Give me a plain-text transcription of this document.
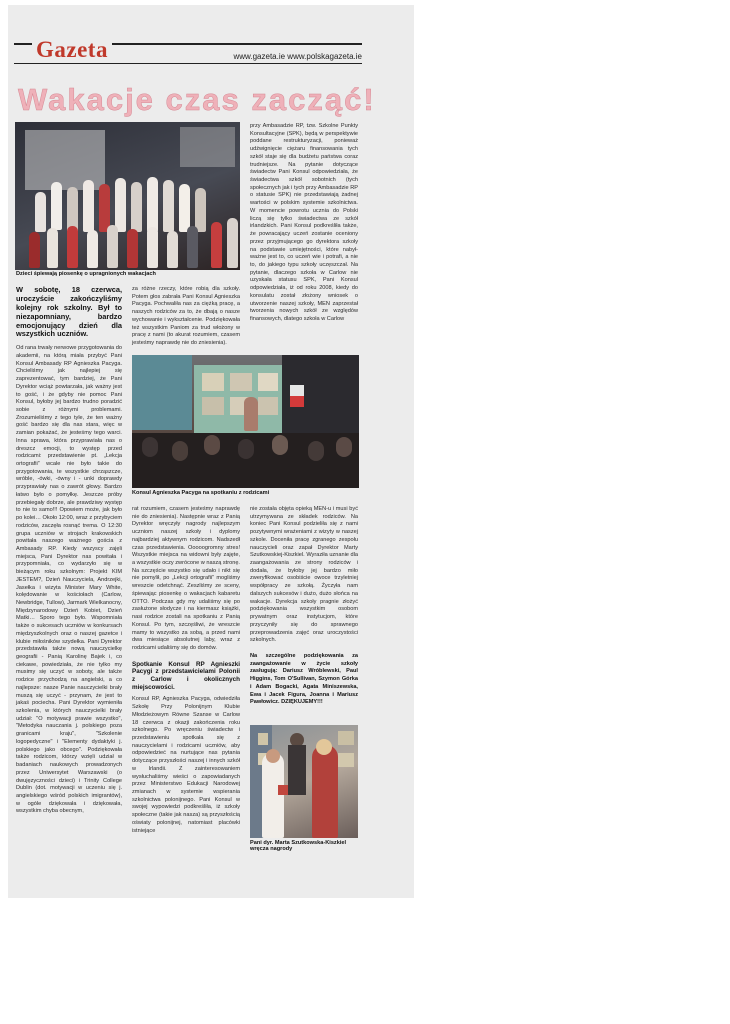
Gazeta	www.gazeta.ie www.polskagazeta.ie
Wakacje czas zacząć!
Dzieci śpiewają piosenkę o upragnionych wakacjach

W sobotę, 18 czerwca, uroczyście zakończyliśmy kolejny rok szkolny. Był to niezapomniany, bardzo emocjonujący dzień dla wszystkich uczniów.

Od rana trwały nerwowe przygotowania do akademii, na którą miała przybyć Pani Konsul Ambasady RP Agnieszka Pacyga. Chcieliśmy jak najlepiej się zaprezentować, tym bardziej, że Pani Dyrektor wciąż powtarzała, jak ważny jest to gość, i że gdyby nie pomoc Pani Konsul, byłoby jej bardzo trudno poradzić sobie z różnymi problemami. Zrozumieliśmy z tego tyle, że ten ważny gość bardzo się dla nas stara, więc w zamian pokażać, że jesteśmy tego warci. Inna sprawa, która przyprawiała nas o dreszcz emocji, to występ przed rodzicami: przedstawienie pt. „Lekcja ortografii” wcale nie było takie do przygotowania, te wszystkie chrząszcze, wróble, -ówki, -ówny i - unki doprawdy przyprawiały nas o zawrót głowy. Bardzo łatwo było o pomyłkę. Jeszcze próby przebiegały dobrze, ale prawdziwy występ to nie to samo!!! Opowiem może, jak było po kolei… Około 12:00, wraz z przybyciem rodziców, zaczęła rosnąć trema. O 12:30 grupa uczniów w strojach krakowskich powitała naszego ważnego gościa z Ambasady RP. Kiedy wszyscy zajęli miejsca, Pani Dyrektor nas powitała i przypomniała, co wydarzyło się w bieżącym roku szkolnym: Projekt KIM JESTEM?, Dzień Nauczyciela, Andrzejki, Jasełka i wizyta Minister Mary White, kolędowanie w kościołach (Carlow, Newbridge, Tullow), Jarmark Wielkanocny, Międzynarodowy Dzień Kobiet, Dzień Matki… Sporo tego było. Wspomniała także o sukcesach uczniów w konkursach międzyszkolnych oraz o naszej gazetce i klubie miłośników szydełka. Pani Dyrektor przedstawiła także nową nauczycielkę geografii - Panią Karolinę Bajek i, co ciekawe, powiedziała, że nie tylko my musimy się uczyć w soboty, ale także rodzice przychodzą na angielski, a co najlepsze: nasze Panie nauczycielki brały muszą się uczyć - przynam, że jest to jakaś pociecha. Pani Dyrektor wymieniła szkolenia, w których nauczycielki brały udział: "O motywacji prawie wszystko", "Metodyka nauczania j. polskiego poza granicami kraju", "Szkolenie logopedyczne" i "Elementy dydaktyki j. polskiego jako obcego". Podziękowała także rodzicom, którzy wzięli udział w badaniach naukowych prowadzonych przez Uniwersytet Warszawski (o dwujęzyczności dzieci) i Trinity College Dublin (dot. motywacji w uczeniu się j. angielskiego wśród polskich imigrantów), w ogóle dziękowała i dziękowała, wszystkim chyba obecnym,

za różne rzeczy, które robią dla szkoły. Potem głos zabrała Pani Konsul Agnieszka Pacyga. Pochwaliła nas za ciężką pracę, a naszych rodziców za to, że dbają o nasze wychowanie i wykształcenie. Podziękowała też wszystkim Paniom za trud włożony w pracę z nami (to akurat rozumiem, czasem jesteśmy naprawdę nie do zniesienia).
Konsul Agnieszka Pacyga na spotkaniu z rodzicami

rat rozumiem, czasem jesteśmy naprawdę nie do zniesienia). Następnie wraz z Panią Dyrektor wręczyły nagrody najlepszym uczniom naszej szkoły i dyplomy najbardziej aktywnym rodzicom. Nadszedł czas przedstawienia. Ooooogromny stres! Wszystkie miejsca na widowni były zajęte, a wszystkie oczy zwrócone w naszą stronę. Na szczęście wszystko się udało i nikt się nie pomylił, po „Lekcji ortografii” mogliśmy wreszcie odetchnąć. Zeszliśmy ze sceny, śpiewając piosenkę o wakacjach kabaretu OTTO. Podczas gdy my udaliśmy się po zasłużone słodycze i na kiermasz książki, nasi rodzice zostali na spotkaniu z Panią Konsul. Po tym, szczęśliwi, że wreszcie mamy to wszystko za sobą, a przed nami dwa miesiące absolutnej laby, wraz z rodzicami udaliśmy się do domów.

Spotkanie Konsul RP Agnieszki Pacygi z przedstawicielami Polonii z Carlow i okolicznych miejscowości.

Konsul RP, Agnieszka Pacyga, odwiedziła Szkołę Przy Polonijnym Klubie Młodzieżowym Równe Szanse w Carlow 18 czerwca z okazji zakończenia roku szkolnego. Po wręczeniu świadectw i przedstawieniu spotkała się z nauczycielami i rodzicami uczniów, aby odpowiedzieć na nurtujące nas pytania dotyczące przyszłości naszej i innych szkół w Irlandii. Z zainteresowaniem wysłuchaliśmy wieści o zapowiadanych przez Ministerstwo Edukacji Narodowej zmianach w systemie wspierania szkolnictwa polonijnego. Pani Konsul w swojej wypowiedzi podkreśliła, iż szkoły społeczne (takie jak nasza) są przyszłością oświaty polonijnej, natomiast placówki istniejące

przy Ambasadzie RP, tzw. Szkolne Punkty Konsultacyjne (SPK), będą w perspektywie poddane restrukturyzacji, ponieważ udźwignięcie ciężaru finansowania tych szkół staje się dla budżetu państwa coraz trudniejsze. Na pytanie dotyczące świadectw Pani Konsul odpowiedziała, że świadectwa szkół sobotnich (tych społecznych jak i tych przy Ambasadzie RP o statusie SPK) nie przedstawiają żadnej wartości w polskim systemie szkolnictwa. W momencie powrotu ucznia do Polski liczą się tylko świadectwa ze szkół irlandzkich. Pani Konsul podkreśliła także, że powracający uczeń zostanie oceniony przez przyjmującego go dyrektora szkoły na podstawie umiejętności, które nabył-ważne jest to, co uczeń wie i potrafi, a nie to, do jakiego typu szkoły uczęszczał. Na pytanie, dlaczego szkoła w Carlow nie uzyskała statusu SPK, Pani Konsul odpowiedziała, iż od roku 2008, kiedy do konsulatu został złożony wniosek o utworzenie naszej szkoły, MEN zaprzestał tworzenia nowych szkół ze względów finansowych, dlatego szkoła w Carlow

nie została objęta opieką MEN-u i musi być utrzymywana ze składek rodziców. Na koniec Pani Konsul podzieliła się z nami pozytywnymi wrażeniami z wizyty w naszej szkole. Doceniła pracę zgranego zespołu nauczycieli oraz zapał Dyrektor Marty Szutkowskiej-Kiszkiel. Wyraziła uznanie dla zaangażowania ze strony rodziców i dodała, że byłoby jej bardzo miło zweryfikować osobiście owoce trzyletniej współpracy ze szkołą. Życzyła nam dalszych sukcesów i dużo, dużo słońca na wakacje. Dyrekcja szkoły pragnie złożyć podziękowania wszystkim osobom prywatnym oraz instytucjom, które przyczyniły się do sprawnego przeprowadzenia zajęć oraz uroczystości szkolnych.

Na szczególne podziękowania za zaangażowanie w życie szkoły zasługują: Dariusz Wróblewski, Paul Higgins, Tom O'Sullivan, Szymon Górka i Adam Bogacki, Agata Miniszewska, Ewa i Jacek Figura, Joanna i Mariusz Pawłowicz. DZIĘKUJEMY!!!

Pani dyr. Marta Szutkowska-Kiszkiel wręcza nagrody
